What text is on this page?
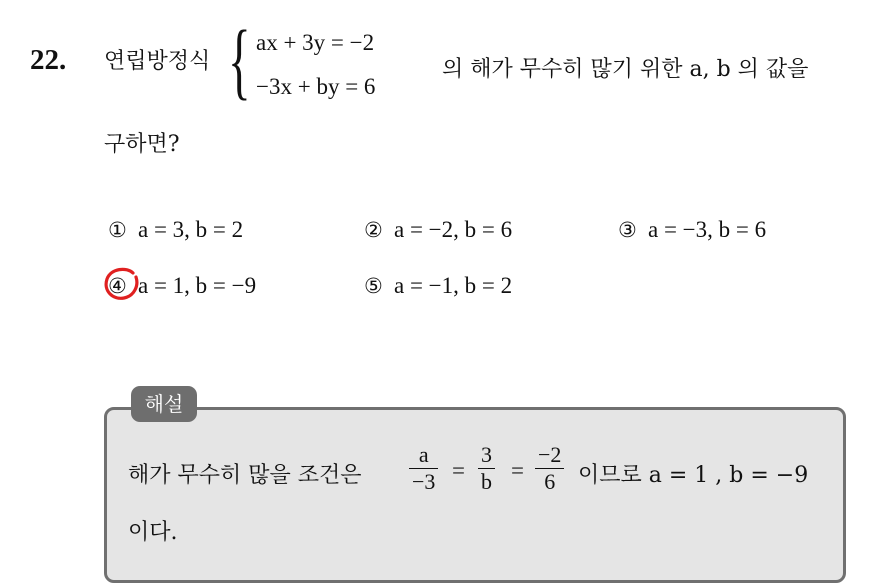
22. 연립방정식 { ax + 3y = −2
−3x + by = 6
의 해가 무수히 많기 위한 a, b 의 값을
구하면?
① a = 3, b = 2	② a = −2, b = 6	③ a = −3, b = 6
④ a = 1, b = −9	⑤ a = −1, b = 2
해설
해가 무수히 많을 조건은 $\frac{a}{-3} = \frac{3}{b} = \frac{-2}{6}$ 이므로 a = 1 , b = −9
이다.
